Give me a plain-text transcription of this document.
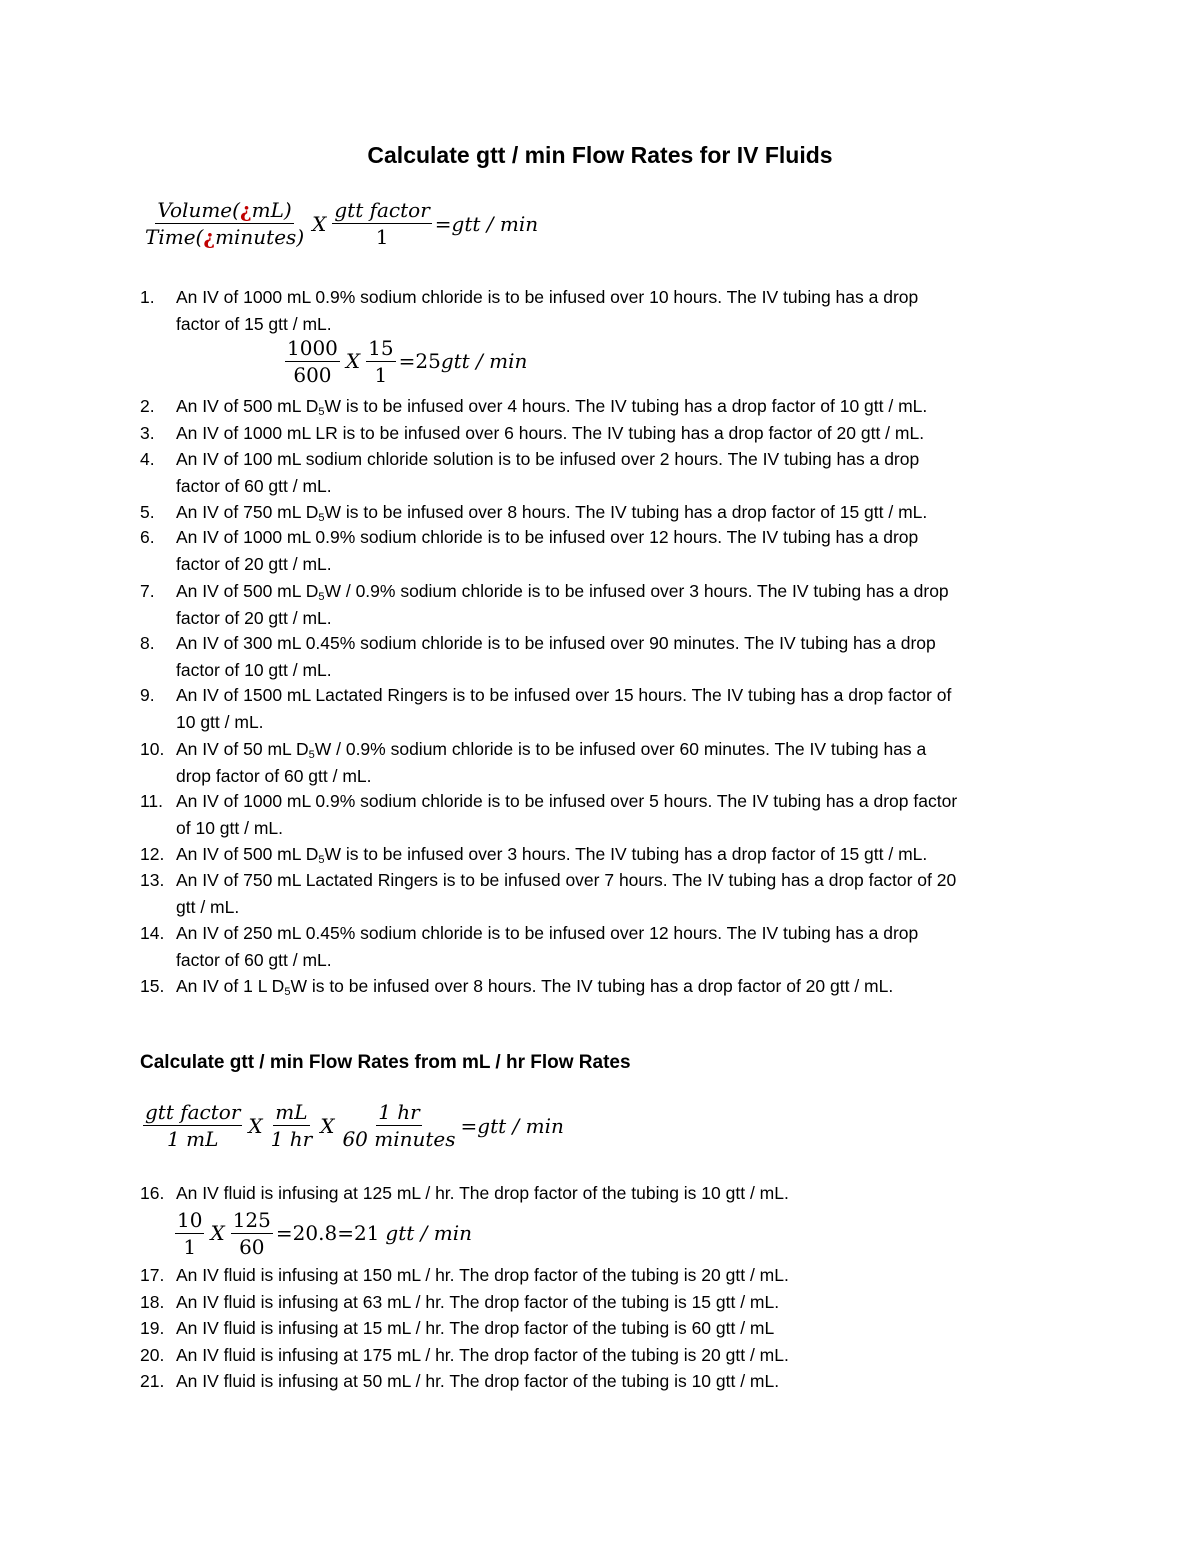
Calculate gtt / min Flow Rates for IV Fluids
$\frac{\text{Volume(¿mL)}}{\text{Time(¿minutes)}}$ X $\frac{\text{gtt factor}}{1}$ = gtt / min
1.	An IV of 1000 mL 0.9% sodium chloride is to be infused over 10 hours. The IV tubing has a drop
factor of 15 gtt / mL.
$\frac{1000}{600}$ X $\frac{15}{1} = 25$ gtt / min
2.	An IV of 500 mL $D_5W$ is to be infused over 4 hours. The IV tubing has a drop factor of 10 gtt / mL.
3.	An IV of 1000 mL LR is to be infused over 6 hours. The IV tubing has a drop factor of 20 gtt / mL.
4.	An IV of 100 mL sodium chloride solution is to be infused over 2 hours. The IV tubing has a drop
factor of 60 gtt / mL.
5.	An IV of 750 mL $D_5W$ is to be infused over 8 hours. The IV tubing has a drop factor of 15 gtt / mL.
6.	An IV of 1000 mL 0.9% sodium chloride is to be infused over 12 hours. The IV tubing has a drop
factor of 20 gtt / mL.
7.	An IV of 500 mL $D_5W / 0.9\%$ sodium chloride is to be infused over 3 hours. The IV tubing has a drop
factor of 20 gtt / mL.
8.	An IV of 300 mL 0.45% sodium chloride is to be infused over 90 minutes. The IV tubing has a drop
factor of 10 gtt / mL.
9.	An IV of 1500 mL Lactated Ringers is to be infused over 15 hours. The IV tubing has a drop factor of
10 gtt / mL.
10. An IV of 50 mL $D_5W / 0.9\%$ sodium chloride is to be infused over 60 minutes. The IV tubing has a
drop factor of 60 gtt / mL.
11. An IV of 1000 mL 0.9% sodium chloride is to be infused over 5 hours. The IV tubing has a drop factor
of 10 gtt / mL.
12. An IV of 500 mL $D_5W$ is to be infused over 3 hours. The IV tubing has a drop factor of 15 gtt / mL.
13. An IV of 750 mL Lactated Ringers is to be infused over 7 hours. The IV tubing has a drop factor of 20
gtt / mL.
14. An IV of 250 mL 0.45% sodium chloride is to be infused over 12 hours. The IV tubing has a drop
factor of 60 gtt / mL.
15. An IV of 1 L $D_5W$ is to be infused over 8 hours. The IV tubing has a drop factor of 20 gtt / mL.
Calculate gtt / min Flow Rates from mL / hr Flow Rates
$\frac{\text{gtt factor}}{1 mL}$ X $\frac{mL}{1 hr}$ X $\frac{1 hr}{\text{60 minutes}}$ = gtt / min
16. An IV fluid is infusing at 125 mL / hr. The drop factor of the tubing is 10 gtt / mL.
$\frac{10}{1}$ X $\frac{125}{60} = 20.8 = 21$ gtt / min
17. An IV fluid is infusing at 150 mL / hr. The drop factor of the tubing is 20 gtt / mL.
18. An IV fluid is infusing at 63 mL / hr. The drop factor of the tubing is 15 gtt / mL.
19. An IV fluid is infusing at 15 mL / hr. The drop factor of the tubing is 60 gtt / mL
20. An IV fluid is infusing at 175 mL / hr. The drop factor of the tubing is 20 gtt / mL.
21. An IV fluid is infusing at 50 mL / hr. The drop factor of the tubing is 10 gtt / mL.
